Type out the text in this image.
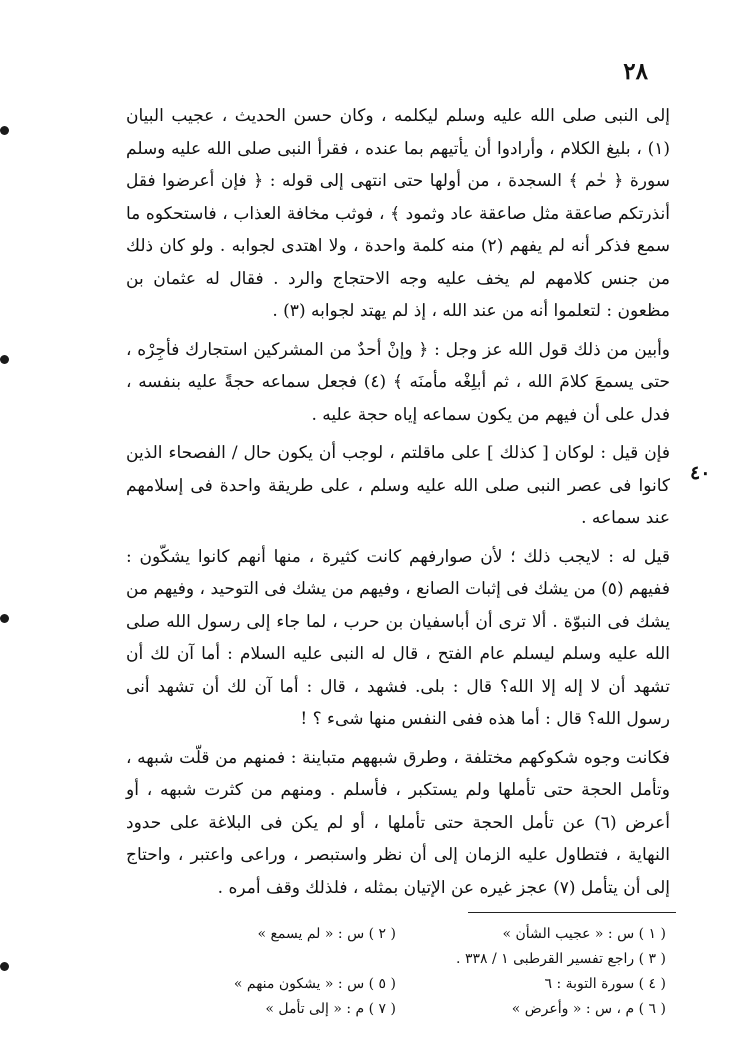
٢٨
٤٠

إلى النبى صلى الله عليه وسلم ليكلمه ، وكان حسن الحديث ، عجيب البيان (١) ، بليغ الكلام ، وأرادوا أن يأتيهم بما عنده ، فقرأ النبى صلى الله عليه وسلم سورة ﴿ حٰم ﴾ السجدة ، من أولها حتى انتهى إلى قوله : ﴿ فإن أعرضوا فقل أنذرتكم صاعقة مثل صاعقة عاد وثمود ﴾ ، فوثب مخافة العذاب ، فاستحكوه ما سمع فذكر أنه لم يفهم (٢) منه كلمة واحدة ، ولا اهتدى لجوابه . ولو كان ذلك من جنس كلامهم لم يخف عليه وجه الاحتجاج والرد . فقال له عثمان بن مظعون : لتعلموا أنه من عند الله ، إذ لم يهتد لجوابه (٣) .

وأبين من ذلك قول الله عز وجل : ﴿ وإنْ أحدٌ من المشركين استجارك فأجِرْه ، حتى يسمعَ كلامَ الله ، ثم أبلِغْه مأمنَه ﴾ (٤) فجعل سماعه حجةً عليه بنفسه ، فدل على أن فيهم من يكون سماعه إياه حجة عليه .

فإن قيل : لوكان [ كذلك ] على ماقلتم ، لوجب أن يكون حال / الفصحاء الذين كانوا فى عصر النبى صلى الله عليه وسلم ، على طريقة واحدة فى إسلامهم عند سماعه .

قيل له : لايجب ذلك ؛ لأن صوارفهم كانت كثيرة ، منها أنهم كانوا يشكّون : ففيهم (٥) من يشك فى إثبات الصانع ، وفيهم من يشك فى التوحيد ، وفيهم من يشك فى النبوّة . ألا ترى أن أباسفيان بن حرب ، لما جاء إلى رسول الله صلى الله عليه وسلم ليسلم عام الفتح ، قال له النبى عليه السلام : أما آن لك أن تشهد أن لا إله إلا الله؟ قال : بلى. فشهد ، قال : أما آن لك أن تشهد أنى رسول الله؟ قال : أما هذه ففى النفس منها شىء ؟ !

فكانت وجوه شكوكهم مختلفة ، وطرق شبههم متباينة : فمنهم من قلّت شبهه ، وتأمل الحجة حتى تأملها ولم يستكبر ، فأسلم . ومنهم من كثرت شبهه ، أو أعرض (٦) عن تأمل الحجة حتى تأملها ، أو لم يكن فى البلاغة على حدود النهاية ، فتطاول عليه الزمان إلى أن نظر واستبصر ، وراعى واعتبر ، واحتاج إلى أن يتأمل (٧) عجز غيره عن الإتيان بمثله ، فلذلك وقف أمره .

( ١ ) س : « عجيب الشأن »
( ٢ ) س : « لم يسمع »
( ٣ ) راجع تفسير القرطبى ١ / ٣٣٨ .
( ٤ ) سورة التوبة : ٦
( ٥ ) س : « يشكون منهم »
( ٦ ) م ، س : « وأعرض »
( ٧ ) م : « إلى تأمل »
